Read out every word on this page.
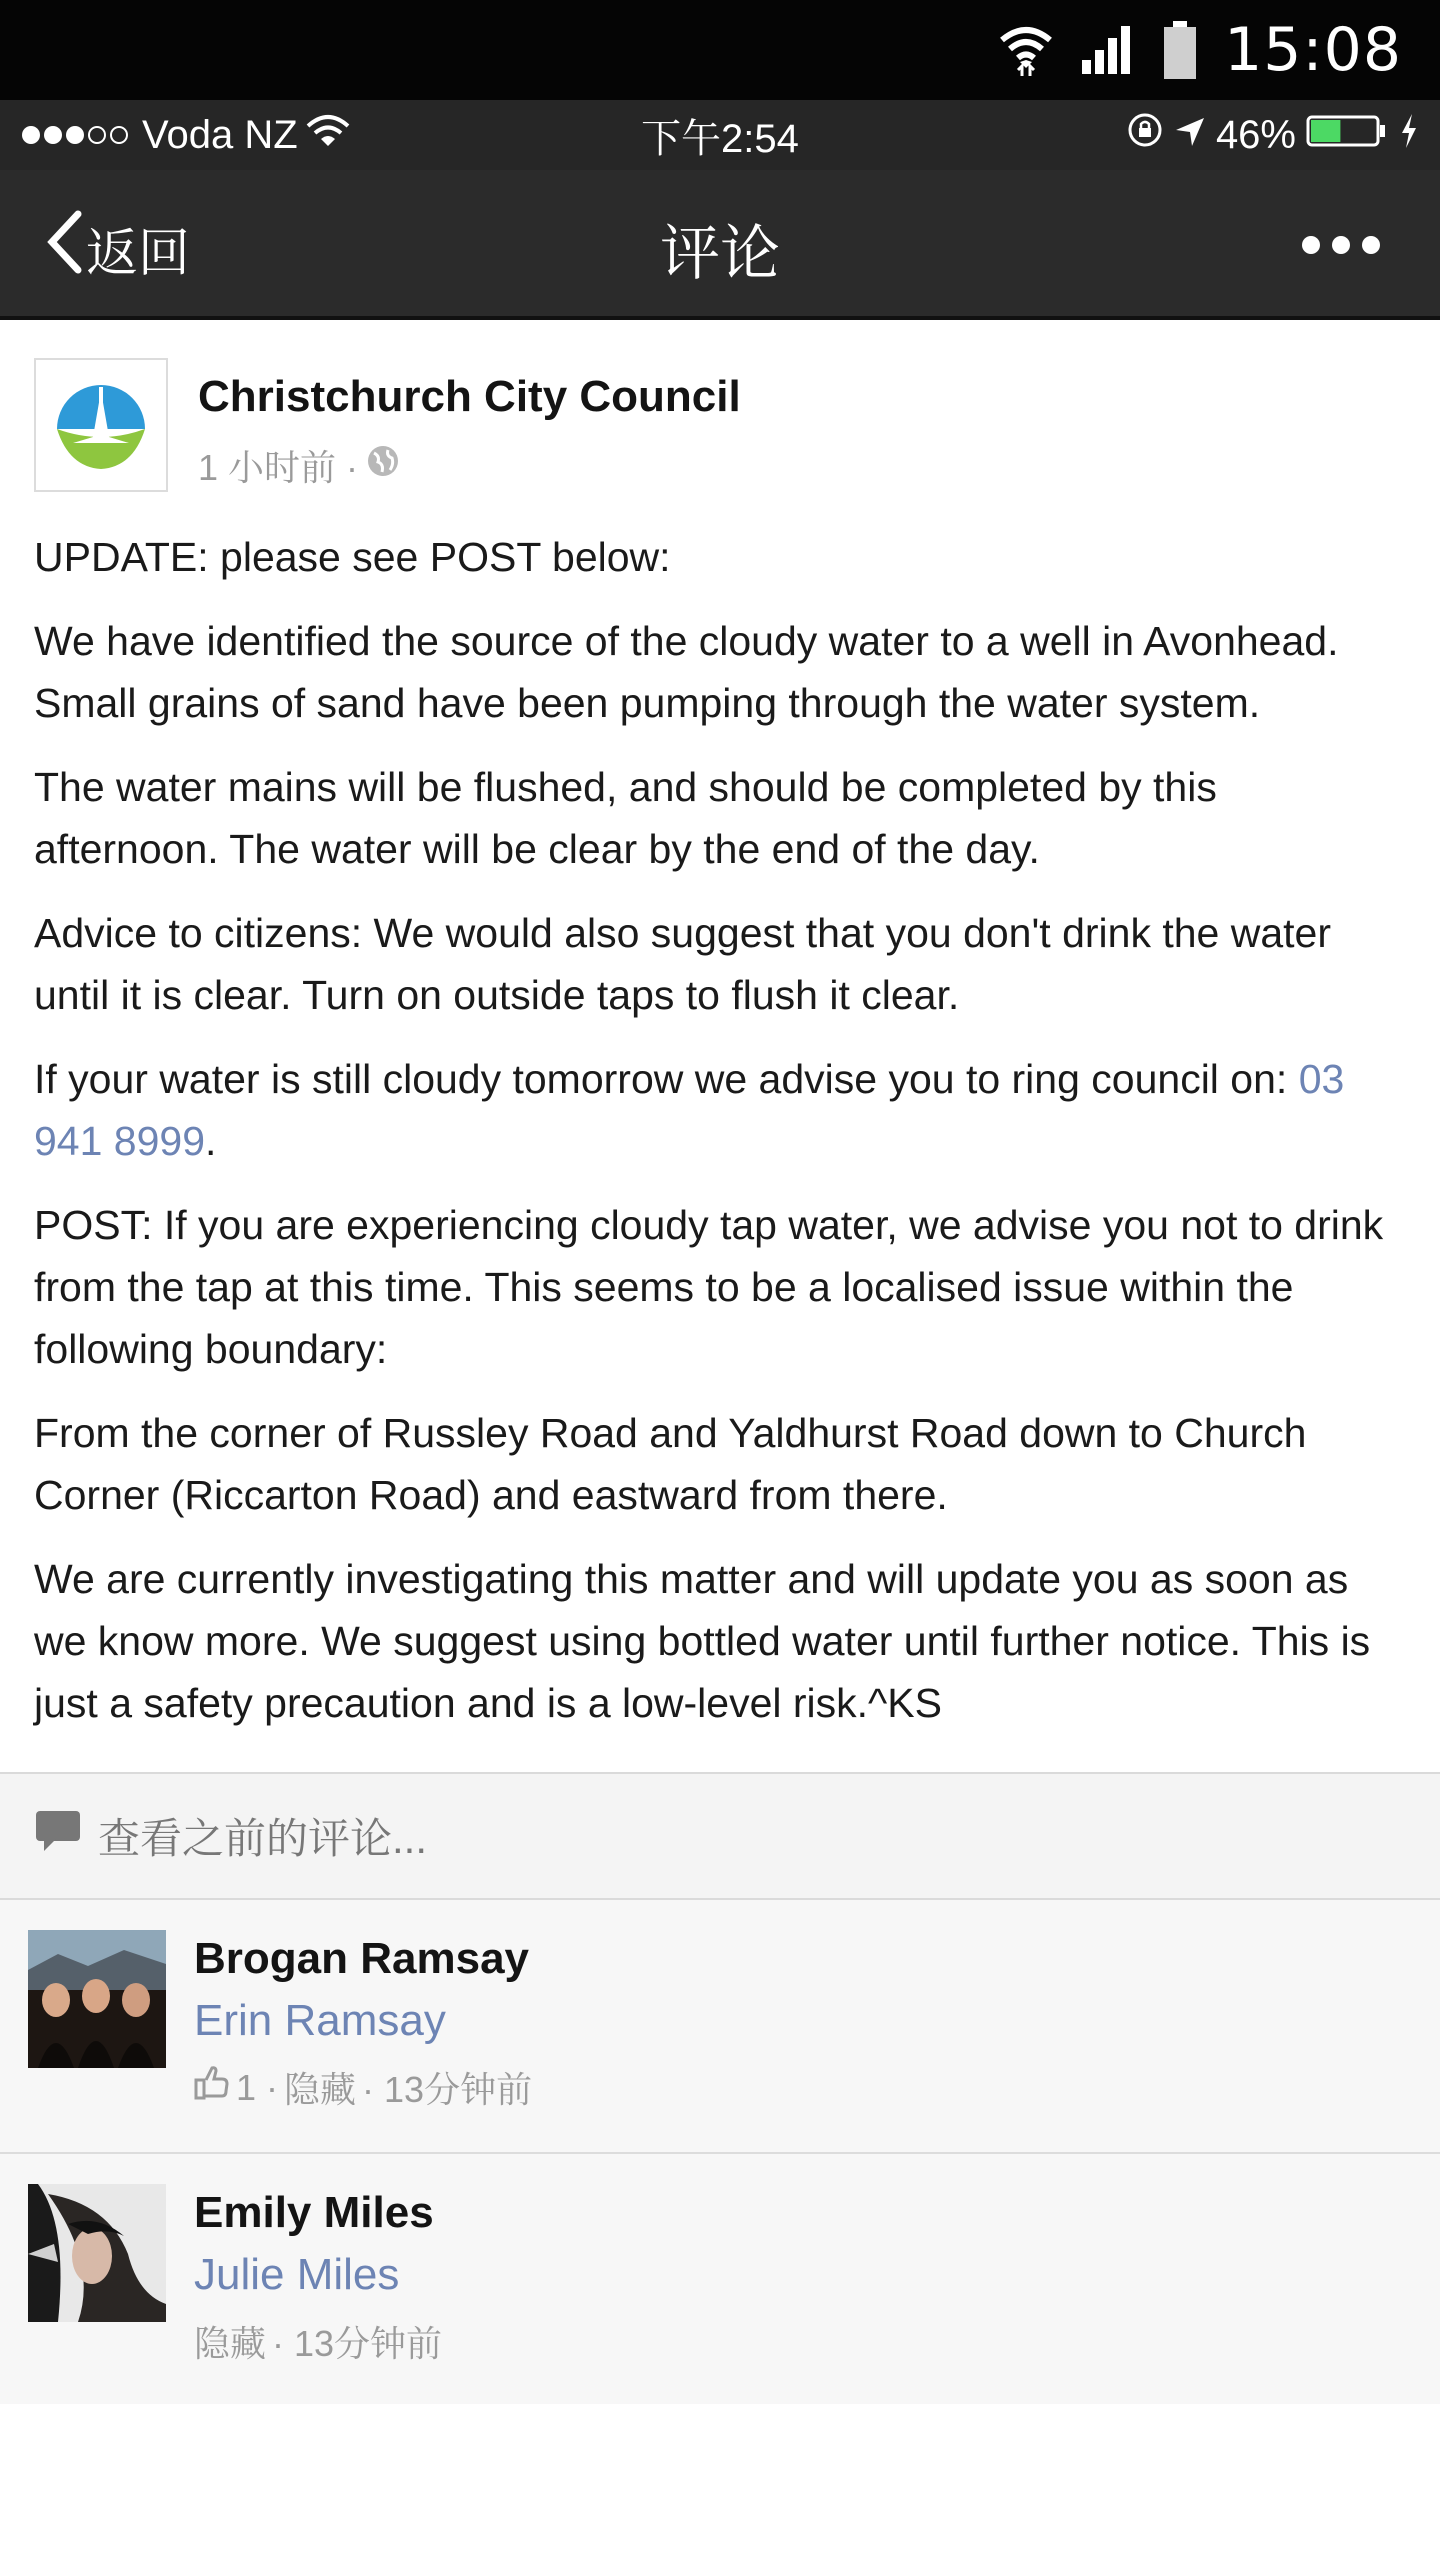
15:08
Voda NZ	下午2:54	46%
返回	评论
Christchurch City Council
1 小时前 ·

UPDATE: please see POST below:

We have identified the source of the cloudy water to a well in Avonhead. Small grains of sand have been pumping through the water system.

The water mains will be flushed, and should be completed by this afternoon. The water will be clear by the end of the day.

Advice to citizens: We would also suggest that you don't drink the water until it is clear. Turn on outside taps to flush it clear.

If your water is still cloudy tomorrow we advise you to ring council on: 03 941 8999.

POST: If you are experiencing cloudy tap water, we advise you not to drink from the tap at this time. This seems to be a localised issue within the following boundary:

From the corner of Russley Road and Yaldhurst Road down to Church Corner (Riccarton Road) and eastward from there.

We are currently investigating this matter and will update you as soon as we know more. We suggest using bottled water until further notice. This is just a safety precaution and is a low-level risk.^KS

查看之前的评论...
Brogan Ramsay
Erin Ramsay
1 · 隐藏 · 13分钟前
Emily Miles
Julie Miles
隐藏 · 13分钟前
